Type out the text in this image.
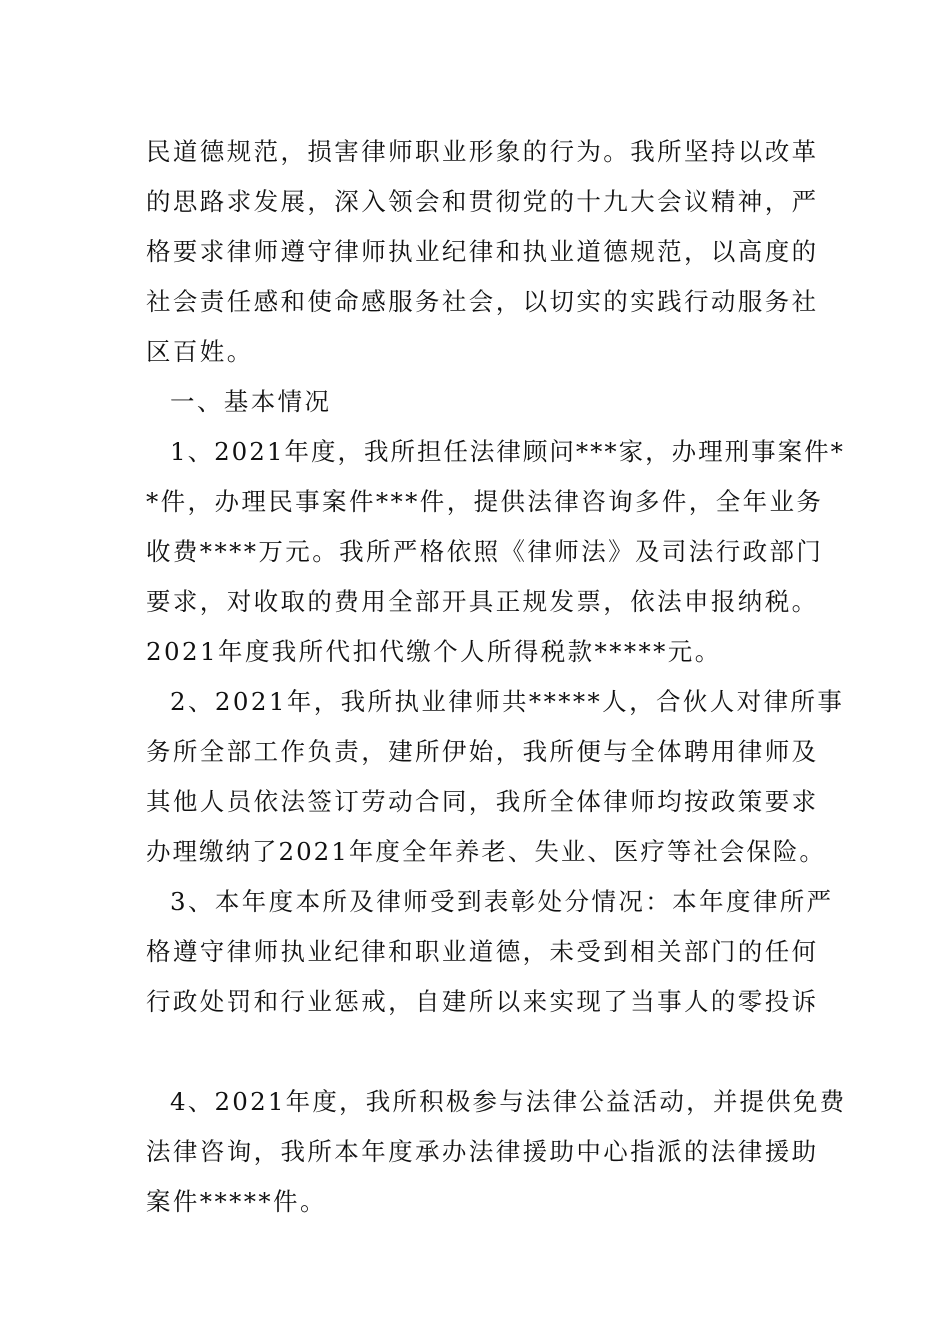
民道德规范，损害律师职业形象的行为。我所坚持以改革
的思路求发展，深入领会和贯彻党的十九大会议精神，严
格要求律师遵守律师执业纪律和执业道德规范，以高度的
社会责任感和使命感服务社会，以切实的实践行动服务社
区百姓。
一、基本情况
1、2021年度，我所担任法律顾问***家，办理刑事案件*
*件，办理民事案件***件，提供法律咨询多件，全年业务
收费****万元。我所严格依照《律师法》及司法行政部门
要求，对收取的费用全部开具正规发票，依法申报纳税。
2021年度我所代扣代缴个人所得税款*****元。
2、2021年，我所执业律师共*****人，合伙人对律所事
务所全部工作负责，建所伊始，我所便与全体聘用律师及
其他人员依法签订劳动合同，我所全体律师均按政策要求
办理缴纳了2021年度全年养老、失业、医疗等社会保险。
3、本年度本所及律师受到表彰处分情况：本年度律所严
格遵守律师执业纪律和职业道德，未受到相关部门的任何
行政处罚和行业惩戒，自建所以来实现了当事人的零投诉
4、2021年度，我所积极参与法律公益活动，并提供免费
法律咨询，我所本年度承办法律援助中心指派的法律援助
案件*****件。
